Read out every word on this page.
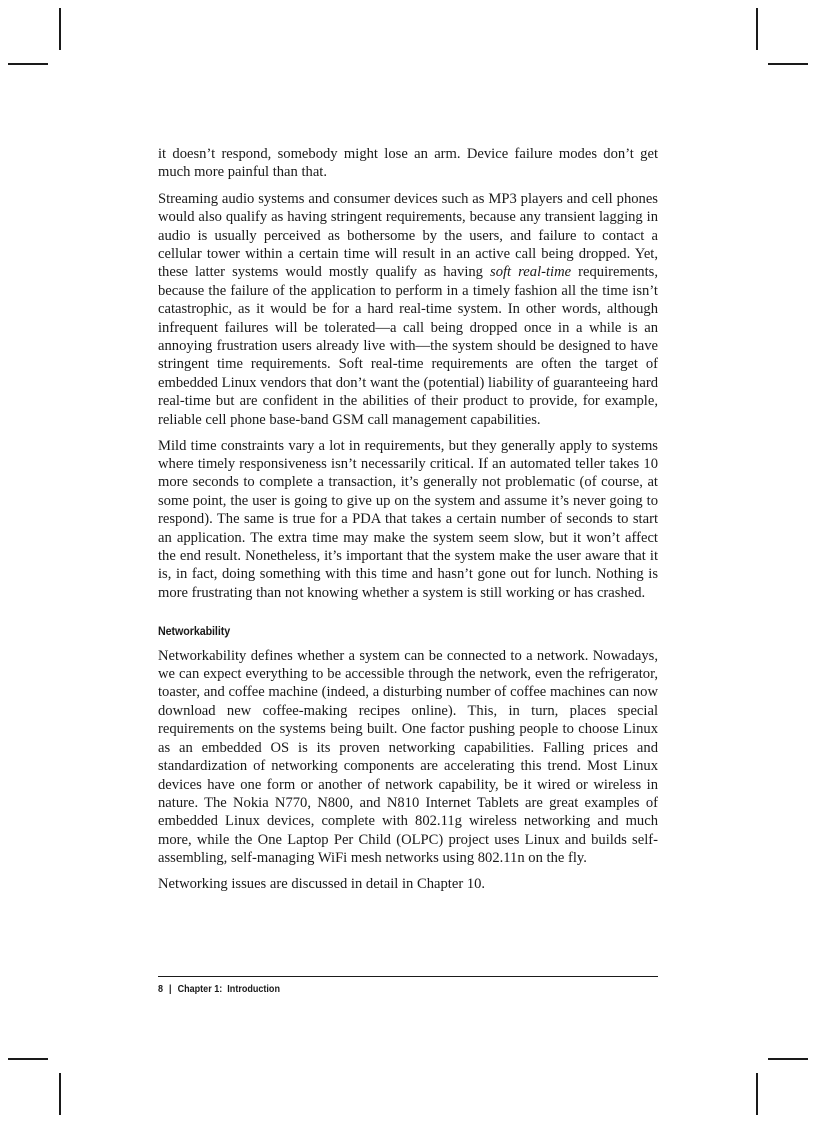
it doesn’t respond, somebody might lose an arm. Device failure modes don’t get much more painful than that.

Streaming audio systems and consumer devices such as MP3 players and cell phones would also qualify as having stringent requirements, because any transient lagging in audio is usually perceived as bothersome by the users, and failure to contact a cellular tower within a certain time will result in an active call being dropped. Yet, these latter systems would mostly qualify as having soft real-time requirements, because the failure of the application to perform in a timely fashion all the time isn’t catastrophic, as it would be for a hard real-time system. In other words, although infrequent failures will be tolerated—a call being dropped once in a while is an annoying frustration users already live with—the system should be designed to have stringent time requirements. Soft real-time requirements are often the target of embedded Linux vendors that don’t want the (potential) liability of guaranteeing hard real-time but are confident in the abilities of their product to provide, for example, reliable cell phone base-band GSM call management capabilities.

Mild time constraints vary a lot in requirements, but they generally apply to systems where timely responsiveness isn’t necessarily critical. If an automated teller takes 10 more seconds to complete a transaction, it’s generally not problematic (of course, at some point, the user is going to give up on the system and assume it’s never going to respond). The same is true for a PDA that takes a certain number of seconds to start an application. The extra time may make the system seem slow, but it won’t affect the end result. Nonetheless, it’s important that the system make the user aware that it is, in fact, doing something with this time and hasn’t gone out for lunch. Nothing is more frustrating than not knowing whether a system is still working or has crashed.

Networkability

Networkability defines whether a system can be connected to a network. Nowadays, we can expect everything to be accessible through the network, even the refrigerator, toaster, and coffee machine (indeed, a disturbing number of coffee machines can now download new coffee-making recipes online). This, in turn, places special requirements on the systems being built. One factor pushing people to choose Linux as an embedded OS is its proven networking capabilities. Falling prices and standardization of networking components are accelerating this trend. Most Linux devices have one form or another of network capability, be it wired or wireless in nature. The Nokia N770, N800, and N810 Internet Tablets are great examples of embedded Linux devices, complete with 802.11g wireless networking and much more, while the One Laptop Per Child (OLPC) project uses Linux and builds self-assembling, self-managing WiFi mesh networks using 802.11n on the fly.

Networking issues are discussed in detail in Chapter 10.

8 | Chapter 1: Introduction
